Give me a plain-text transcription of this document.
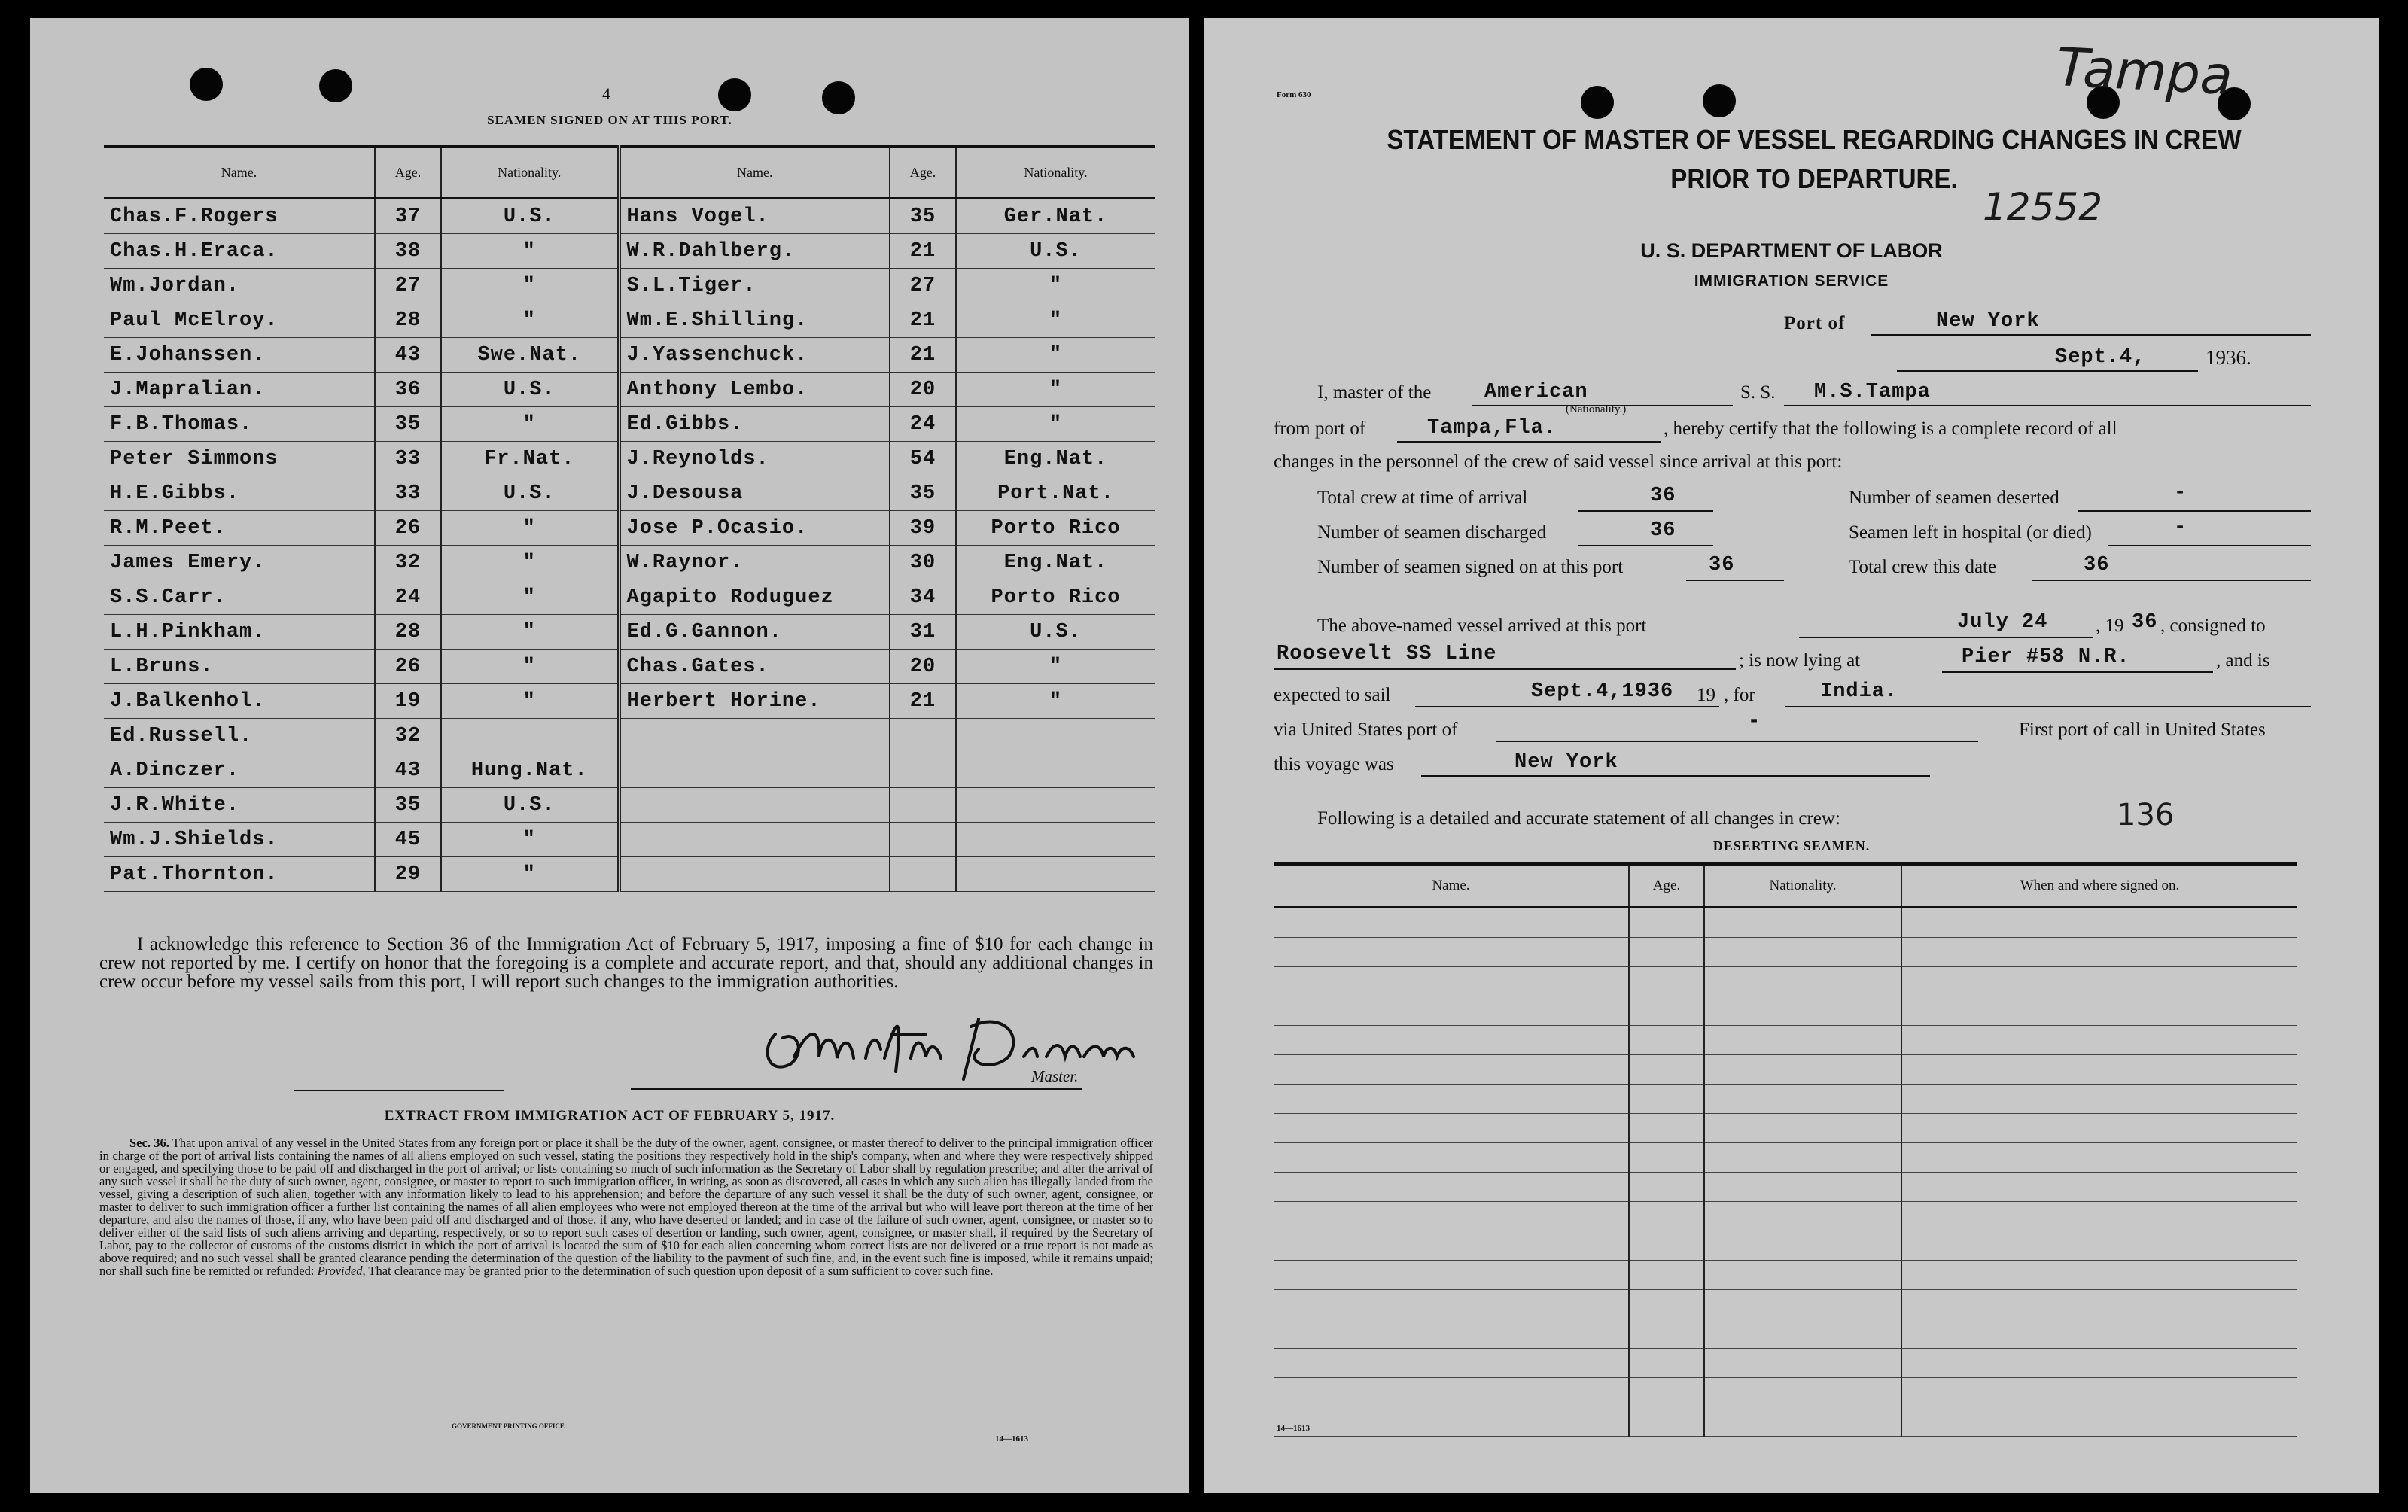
4
SEAMEN SIGNED ON AT THIS PORT.
Name.	Age.	Nationality.	Name.	Age.	Nationality.
Chas.F.Rogers	37	U.S.	Hans Vogel.	35	Ger.Nat.
Chas.H.Eraca.	38	"	W.R.Dahlberg.	21	U.S.
Wm.Jordan.	27	"	S.L.Tiger.	27	"
Paul McElroy.	28	"	Wm.E.Shilling.	21	"
E.Johanssen.	43	Swe.Nat.	J.Yassenchuck.	21	"
J.Mapralian.	36	U.S.	Anthony Lembo.	20	"
F.B.Thomas.	35	"	Ed.Gibbs.	24	"
Peter Simmons	33	Fr.Nat.	J.Reynolds.	54	Eng.Nat.
H.E.Gibbs.	33	U.S.	J.Desousa	35	Port.Nat.
R.M.Peet.	26	"	Jose P.Ocasio.	39	Porto Rico
James Emery.	32	"	W.Raynor.	30	Eng.Nat.
S.S.Carr.	24	"	Agapito Roduguez	34	Porto Rico
L.H.Pinkham.	28	"	Ed.G.Gannon.	31	U.S.
L.Bruns.	26	"	Chas.Gates.	20	"
J.Balkenhol.	19	"	Herbert Horine.	21	"
Ed.Russell.	32				
A.Dinczer.	43	Hung.Nat.			
J.R.White.	35	U.S.			
Wm.J.Shields.	45	"			
Pat.Thornton.	29	"			
I acknowledge this reference to Section 36 of the Immigration Act of February 5, 1917, imposing a fine of $10 for each change in crew not reported by me. I certify on honor that the foregoing is a complete and accurate report, and that, should any additional changes in crew occur before my vessel sails from this port, I will report such changes to the immigration authorities.
Master.
EXTRACT FROM IMMIGRATION ACT OF FEBRUARY 5, 1917.
Sec. 36. That upon arrival of any vessel in the United States from any foreign port or place it shall be the duty of the owner, agent, consignee, or master thereof to deliver to the principal immigration officer in charge of the port of arrival lists containing the names of all aliens employed on such vessel, stating the positions they respectively hold in the ship's company, when and where they were respectively shipped or engaged, and specifying those to be paid off and discharged in the port of arrival; or lists containing so much of such information as the Secretary of Labor shall by regulation prescribe; and after the arrival of any such vessel it shall be the duty of such owner, agent, consignee, or master to report to such immigration officer, in writing, as soon as discovered, all cases in which any such alien has illegally landed from the vessel, giving a description of such alien, together with any information likely to lead to his apprehension; and before the departure of any such vessel it shall be the duty of such owner, agent, consignee, or master to deliver to such immigration officer a further list containing the names of all alien employees who were not employed thereon at the time of the arrival but who will leave port thereon at the time of her departure, and also the names of those, if any, who have been paid off and discharged and of those, if any, who have deserted or landed; and in case of the failure of such owner, agent, consignee, or master so to deliver either of the said lists of such aliens arriving and departing, respectively, or so to report such cases of desertion or landing, such owner, agent, consignee, or master shall, if required by the Secretary of Labor, pay to the collector of customs of the customs district in which the port of arrival is located the sum of $10 for each alien concerning whom correct lists are not delivered or a true report is not made as above required; and no such vessel shall be granted clearance pending the determination of the question of the liability to the payment of such fine, and, in the event such fine is imposed, while it remains unpaid; nor shall such fine be remitted or refunded: Provided, That clearance may be granted prior to the determination of such question upon deposit of a sum sufficient to cover such fine.
GOVERNMENT PRINTING OFFICE
14—1613
Form 630	Tampa
12552
STATEMENT OF MASTER OF VESSEL REGARDING CHANGES IN CREW
PRIOR TO DEPARTURE.
U. S. DEPARTMENT OF LABOR
IMMIGRATION SERVICE
Port of	New York
Sept.4,	1936.
I, master of the	American
(Nationality.)
S. S. M.S.Tampa
from port of	Tampa,Fla.	, hereby certify that the following is a complete record of all
changes in the personnel of the crew of said vessel since arrival at this port:
Total crew at time of arrival	36	Number of seamen deserted	-
Number of seamen discharged	36	Seamen left in hospital (or died)	-
Number of seamen signed on at this port	36	Total crew this date	36
The above-named vessel arrived at this port	July 24	, 19 36 , consigned to
Roosevelt SS Line	; is now lying at	Pier #58 N.R.	, and is
expected to sail	Sept.4,1936 19 , for	India.
via United States port of	-	First port of call in United States
this voyage was	New York
Following is a detailed and accurate statement of all changes in crew:	136
DESERTING SEAMEN.
Name.	Age.	Nationality.	When and where signed on.

14—1613
